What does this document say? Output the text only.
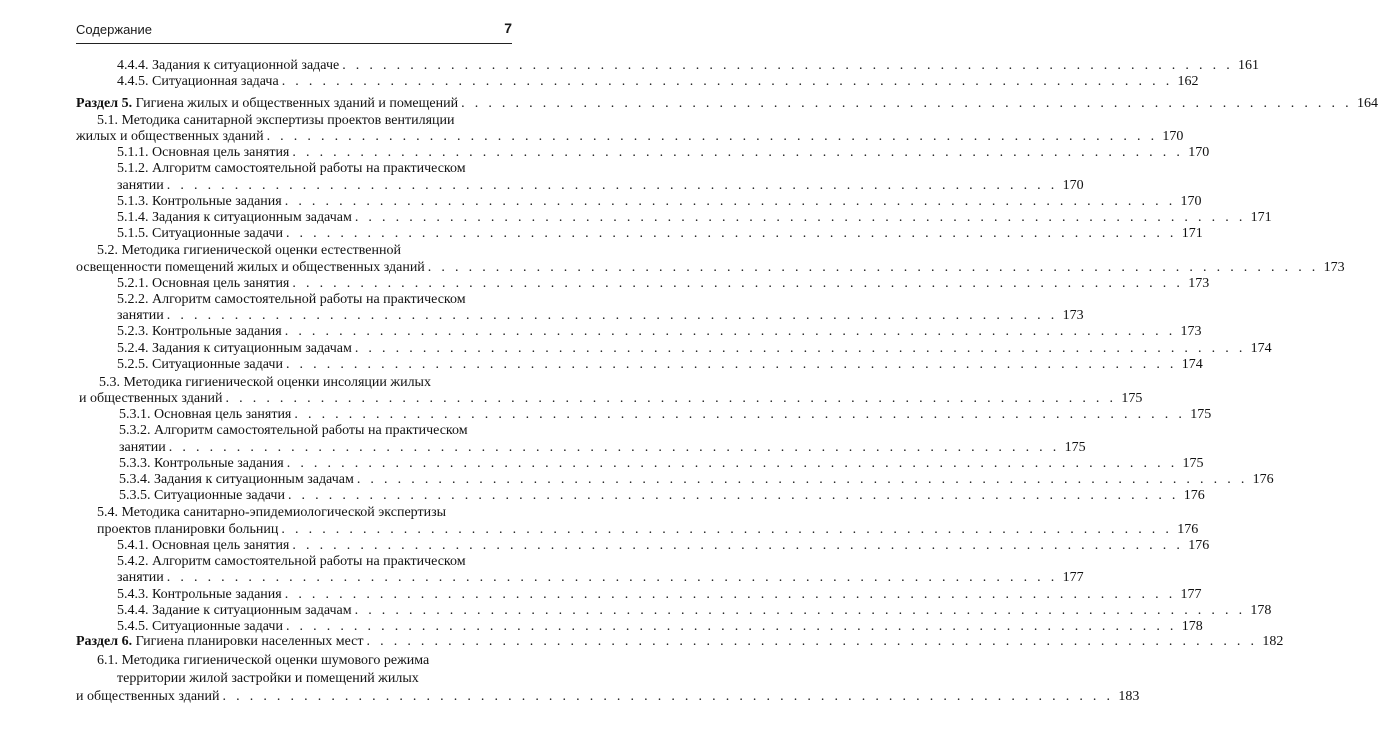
Содержание	7
4.4.4. Задания к ситуационной задаче . . . . . . . . . . . . . . . . . . . . . . . . . . . . . . . . . . . . . . . . . . . . . . . . . . . . . . . . . . . . . . . . . . 161
4.4.5. Ситуационная задача . . . . . . . . . . . . . . . . . . . . . . . . . . . . . . . . . . . . . . . . . . . . . . . . . . . . . . . . . . . . . . . . . . 162
Раздел 5. Гигиена жилых и общественных зданий и помещений . . . . . . . . . . . . . . . . . . . . . . . . . . . . . . . . . . . . . . . . . . . . . . . . . . . . . . . . . . . . . . . . . . 164
5.1. Методика санитарной экспертизы проектов вентиляции
жилых и общественных зданий . . . . . . . . . . . . . . . . . . . . . . . . . . . . . . . . . . . . . . . . . . . . . . . . . . . . . . . . . . . . . . . . . . 170
5.1.1. Основная цель занятия . . . . . . . . . . . . . . . . . . . . . . . . . . . . . . . . . . . . . . . . . . . . . . . . . . . . . . . . . . . . . . . . . . 170
5.1.2. Алгоритм самостоятельной работы на практическом
занятии . . . . . . . . . . . . . . . . . . . . . . . . . . . . . . . . . . . . . . . . . . . . . . . . . . . . . . . . . . . . . . . . . . 170
5.1.3. Контрольные задания . . . . . . . . . . . . . . . . . . . . . . . . . . . . . . . . . . . . . . . . . . . . . . . . . . . . . . . . . . . . . . . . . . 170
5.1.4. Задания к ситуационным задачам . . . . . . . . . . . . . . . . . . . . . . . . . . . . . . . . . . . . . . . . . . . . . . . . . . . . . . . . . . . . . . . . . . 171
5.1.5. Ситуационные задачи . . . . . . . . . . . . . . . . . . . . . . . . . . . . . . . . . . . . . . . . . . . . . . . . . . . . . . . . . . . . . . . . . . 171
5.2. Методика гигиенической оценки естественной
освещенности помещений жилых и общественных зданий . . . . . . . . . . . . . . . . . . . . . . . . . . . . . . . . . . . . . . . . . . . . . . . . . . . . . . . . . . . . . . . . . . 173
5.2.1. Основная цель занятия . . . . . . . . . . . . . . . . . . . . . . . . . . . . . . . . . . . . . . . . . . . . . . . . . . . . . . . . . . . . . . . . . . 173
5.2.2. Алгоритм самостоятельной работы на практическом
занятии . . . . . . . . . . . . . . . . . . . . . . . . . . . . . . . . . . . . . . . . . . . . . . . . . . . . . . . . . . . . . . . . . . 173
5.2.3. Контрольные задания . . . . . . . . . . . . . . . . . . . . . . . . . . . . . . . . . . . . . . . . . . . . . . . . . . . . . . . . . . . . . . . . . . 173
5.2.4. Задания к ситуационным задачам . . . . . . . . . . . . . . . . . . . . . . . . . . . . . . . . . . . . . . . . . . . . . . . . . . . . . . . . . . . . . . . . . . 174
5.2.5. Ситуационные задачи . . . . . . . . . . . . . . . . . . . . . . . . . . . . . . . . . . . . . . . . . . . . . . . . . . . . . . . . . . . . . . . . . . 174
5.3. Методика гигиенической оценки инсоляции жилых
и общественных зданий . . . . . . . . . . . . . . . . . . . . . . . . . . . . . . . . . . . . . . . . . . . . . . . . . . . . . . . . . . . . . . . . . . 175
5.3.1. Основная цель занятия . . . . . . . . . . . . . . . . . . . . . . . . . . . . . . . . . . . . . . . . . . . . . . . . . . . . . . . . . . . . . . . . . . 175
5.3.2. Алгоритм самостоятельной работы на практическом
занятии . . . . . . . . . . . . . . . . . . . . . . . . . . . . . . . . . . . . . . . . . . . . . . . . . . . . . . . . . . . . . . . . . . 175
5.3.3. Контрольные задания . . . . . . . . . . . . . . . . . . . . . . . . . . . . . . . . . . . . . . . . . . . . . . . . . . . . . . . . . . . . . . . . . . 175
5.3.4. Задания к ситуационным задачам . . . . . . . . . . . . . . . . . . . . . . . . . . . . . . . . . . . . . . . . . . . . . . . . . . . . . . . . . . . . . . . . . . 176
5.3.5. Ситуационные задачи . . . . . . . . . . . . . . . . . . . . . . . . . . . . . . . . . . . . . . . . . . . . . . . . . . . . . . . . . . . . . . . . . . 176
5.4. Методика санитарно-эпидемиологической экспертизы
проектов планировки больниц . . . . . . . . . . . . . . . . . . . . . . . . . . . . . . . . . . . . . . . . . . . . . . . . . . . . . . . . . . . . . . . . . . 176
5.4.1. Основная цель занятия . . . . . . . . . . . . . . . . . . . . . . . . . . . . . . . . . . . . . . . . . . . . . . . . . . . . . . . . . . . . . . . . . . 176
5.4.2. Алгоритм самостоятельной работы на практическом
занятии . . . . . . . . . . . . . . . . . . . . . . . . . . . . . . . . . . . . . . . . . . . . . . . . . . . . . . . . . . . . . . . . . . 177
5.4.3. Контрольные задания . . . . . . . . . . . . . . . . . . . . . . . . . . . . . . . . . . . . . . . . . . . . . . . . . . . . . . . . . . . . . . . . . . 177
5.4.4. Задание к ситуационным задачам . . . . . . . . . . . . . . . . . . . . . . . . . . . . . . . . . . . . . . . . . . . . . . . . . . . . . . . . . . . . . . . . . . 178
5.4.5. Ситуационные задачи . . . . . . . . . . . . . . . . . . . . . . . . . . . . . . . . . . . . . . . . . . . . . . . . . . . . . . . . . . . . . . . . . . 178
Раздел 6. Гигиена планировки населенных мест . . . . . . . . . . . . . . . . . . . . . . . . . . . . . . . . . . . . . . . . . . . . . . . . . . . . . . . . . . . . . . . . . . 182
6.1. Методика гигиенической оценки шумового режима
территории жилой застройки и помещений жилых
и общественных зданий . . . . . . . . . . . . . . . . . . . . . . . . . . . . . . . . . . . . . . . . . . . . . . . . . . . . . . . . . . . . . . . . . . 183
